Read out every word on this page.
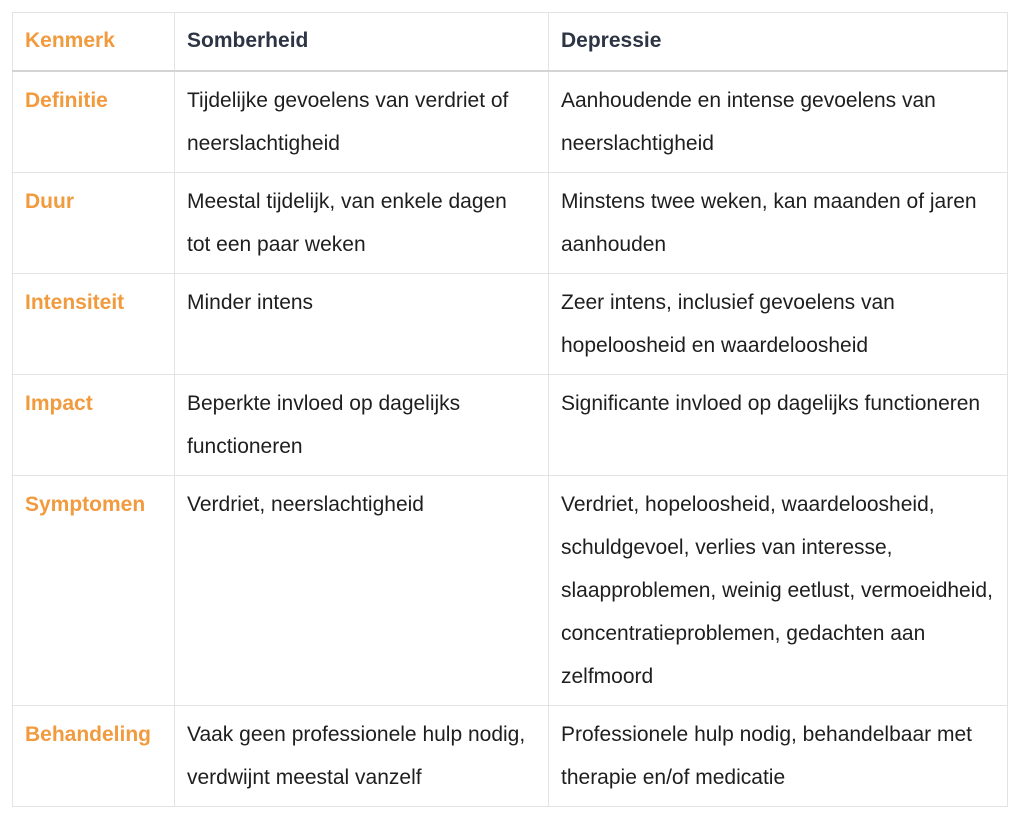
Kenmerk	Somberheid	Depressie
Definitie	Tijdelijke gevoelens van verdriet of neerslachtigheid	Aanhoudende en intense gevoelens van neerslachtigheid
Duur	Meestal tijdelijk, van enkele dagen tot een paar weken	Minstens twee weken, kan maanden of jaren aanhouden
Intensiteit	Minder intens	Zeer intens, inclusief gevoelens van hopeloosheid en waardeloosheid
Impact	Beperkte invloed op dagelijks functioneren	Significante invloed op dagelijks functioneren
Symptomen	Verdriet, neerslachtigheid	Verdriet, hopeloosheid, waardeloosheid, schuldgevoel, verlies van interesse, slaapproblemen, weinig eetlust, vermoeidheid, concentratieproblemen, gedachten aan zelfmoord
Behandeling	Vaak geen professionele hulp nodig, verdwijnt meestal vanzelf	Professionele hulp nodig, behandelbaar met therapie en/of medicatie
